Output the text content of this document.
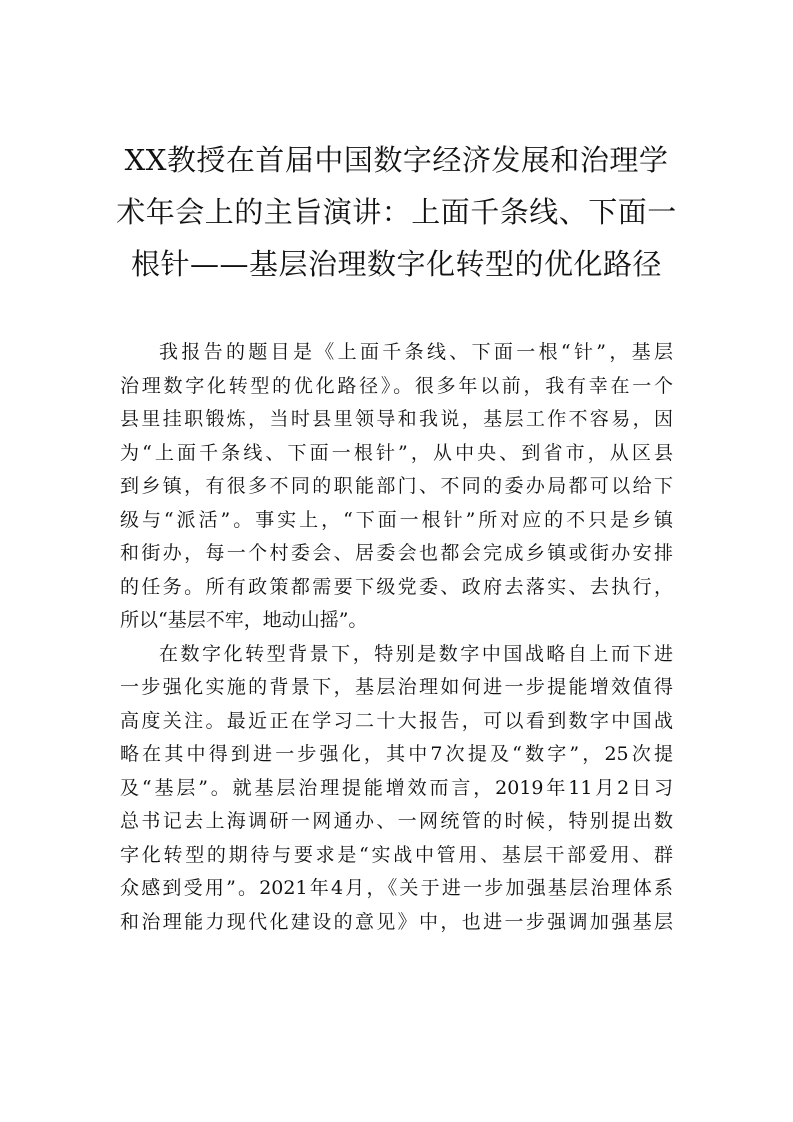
XX教授在首届中国数字经济发展和治理学
术年会上的主旨演讲：上面千条线、下面一
根针——基层治理数字化转型的优化路径
我报告的题目是《上面千条线、下面一根“针”，基层
治理数字化转型的优化路径》。很多年以前，我有幸在一个
县里挂职锻炼，当时县里领导和我说，基层工作不容易，因
为“上面千条线、下面一根针”，从中央、到省市，从区县
到乡镇，有很多不同的职能部门、不同的委办局都可以给下
级与“派活”。事实上，“下面一根针”所对应的不只是乡镇
和街办，每一个村委会、居委会也都会完成乡镇或街办安排
的任务。所有政策都需要下级党委、政府去落实、去执行，
所以“基层不牢，地动山摇”。
在数字化转型背景下，特别是数字中国战略自上而下进
一步强化实施的背景下，基层治理如何进一步提能增效值得
高度关注。最近正在学习二十大报告，可以看到数字中国战
略在其中得到进一步强化，其中7次提及“数字”，25次提
及“基层”。就基层治理提能增效而言，2019年11月2日习
总书记去上海调研一网通办、一网统管的时候，特别提出数
字化转型的期待与要求是“实战中管用、基层干部爱用、群
众感到受用”。2021年4月，《关于进一步加强基层治理体系
和治理能力现代化建设的意见》中，也进一步强调加强基层
